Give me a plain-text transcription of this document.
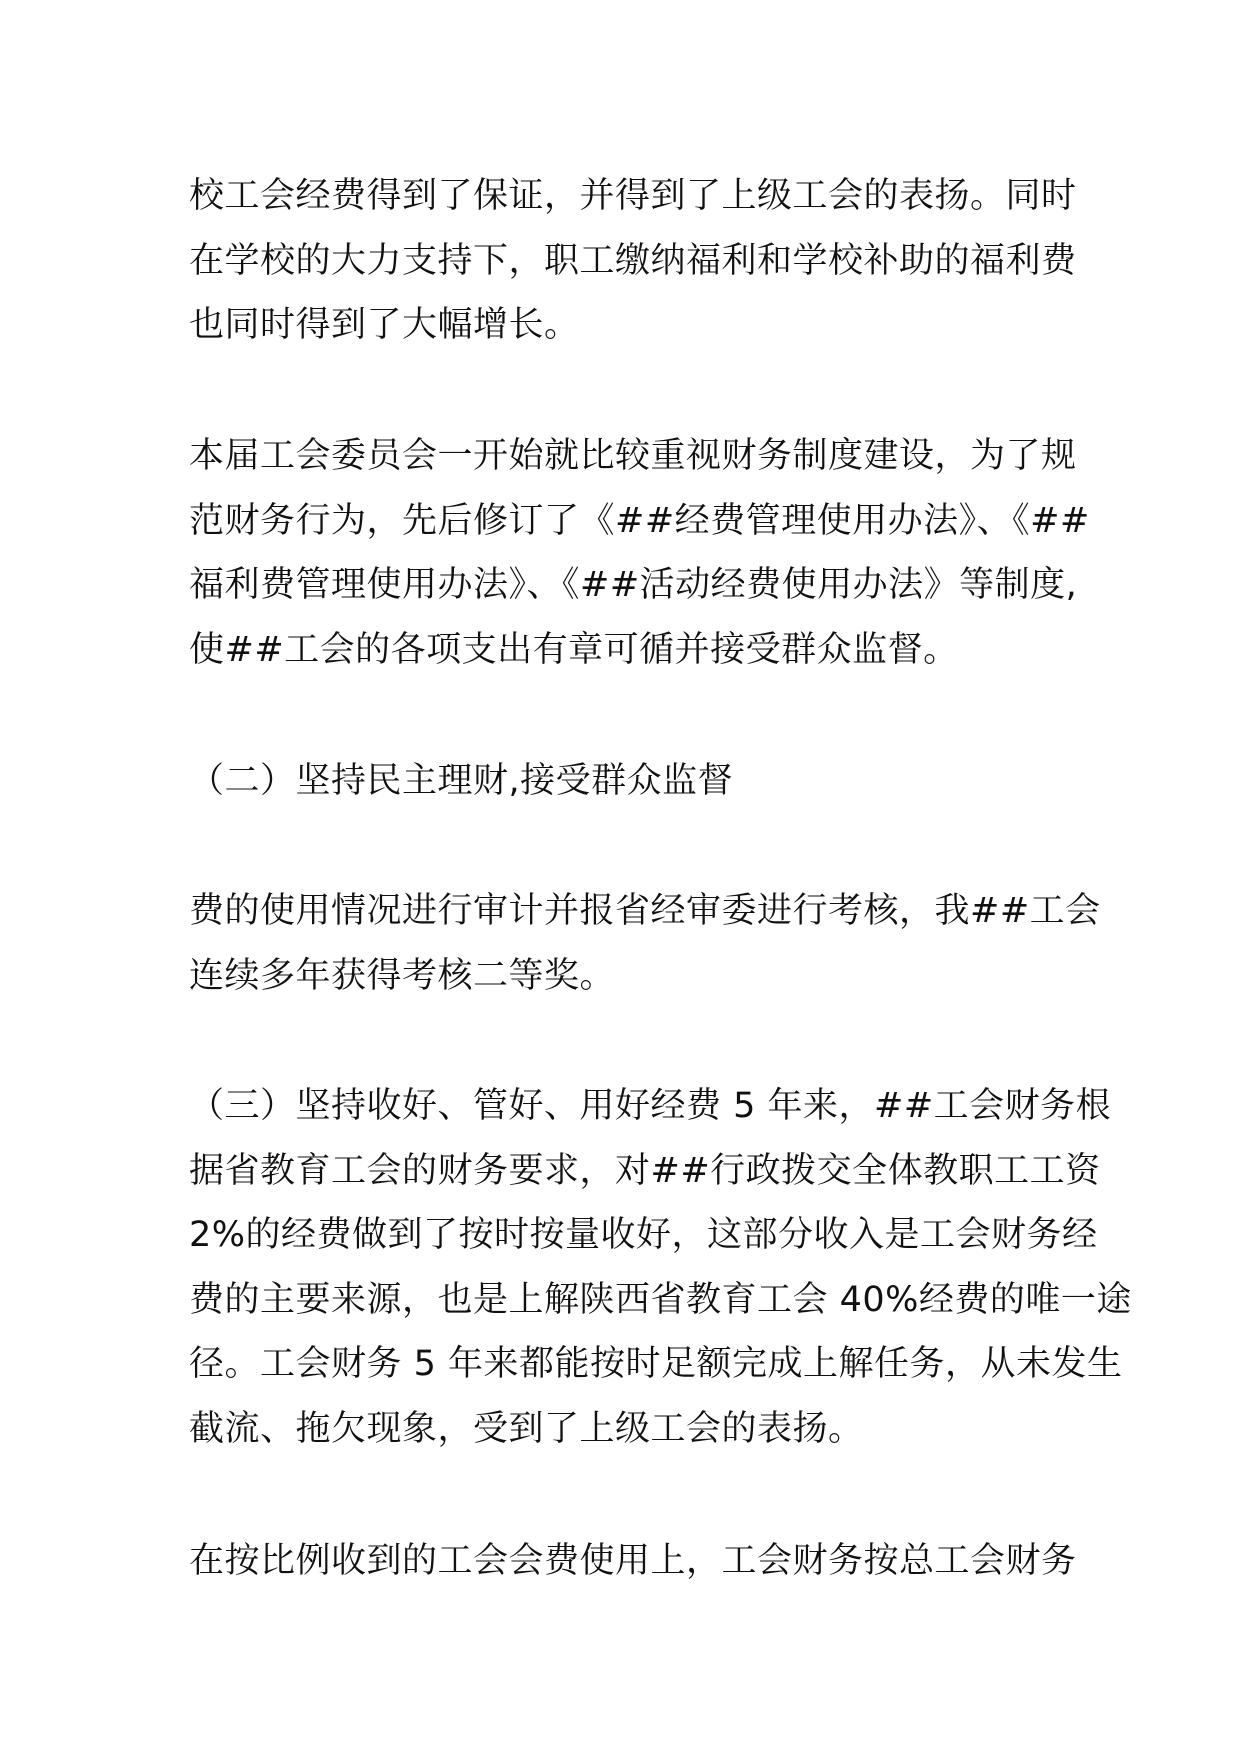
校工会经费得到了保证，并得到了上级工会的表扬。同时
在学校的大力支持下，职工缴纳福利和学校补助的福利费
也同时得到了大幅增长。
本届工会委员会一开始就比较重视财务制度建设，为了规
范财务行为，先后修订了《##经费管理使用办法》、《##
福利费管理使用办法》、《##活动经费使用办法》等制度,
使##工会的各项支出有章可循并接受群众监督。
（二）坚持民主理财,接受群众监督
费的使用情况进行审计并报省经审委进行考核，我##工会
连续多年获得考核二等奖。
（三）坚持收好、管好、用好经费 5 年来，##工会财务根
据省教育工会的财务要求，对##行政拨交全体教职工工资
2%的经费做到了按时按量收好，这部分收入是工会财务经
费的主要来源，也是上解陕西省教育工会 40%经费的唯一途
径。工会财务 5 年来都能按时足额完成上解任务，从未发生
截流、拖欠现象，受到了上级工会的表扬。
在按比例收到的工会会费使用上，工会财务按总工会财务
